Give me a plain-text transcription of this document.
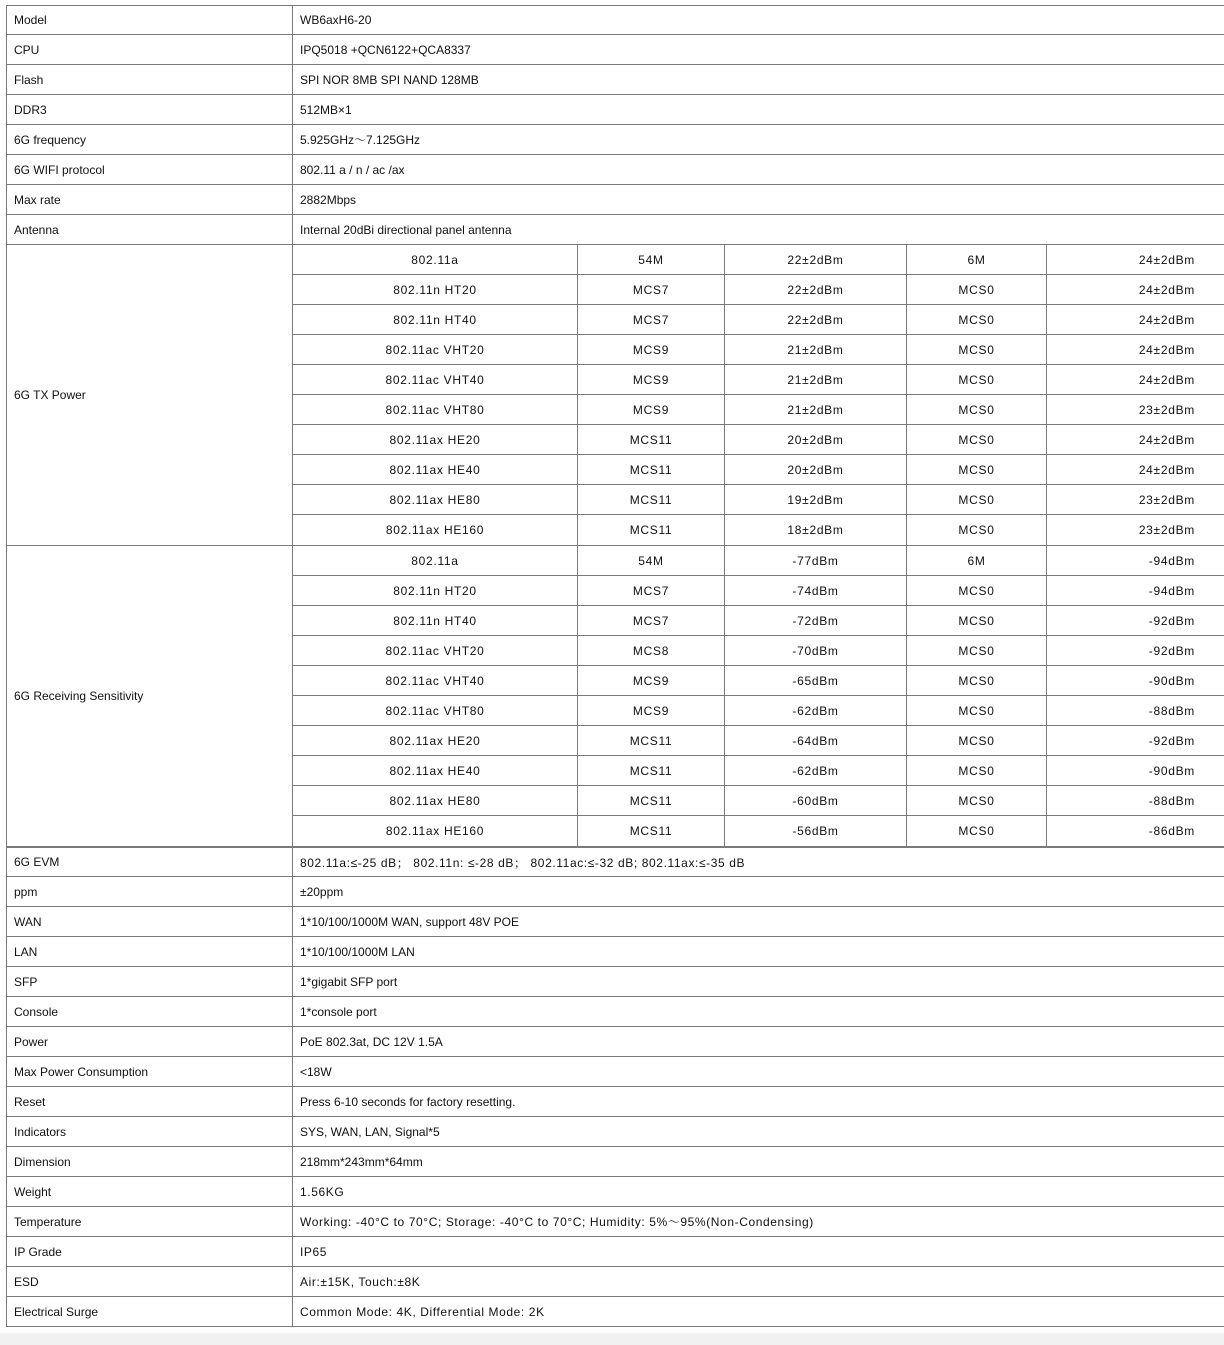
Model	WB6axH6-20
CPU	IPQ5018 +QCN6122+QCA8337
Flash	SPI NOR 8MB SPI NAND 128MB
DDR3	512MB×1
6G frequency	5.925GHz～7.125GHz
6G WIFI protocol	802.11 a / n / ac /ax
Max rate	2882Mbps
Antenna	Internal 20dBi directional panel antenna
6G TX Power
802.11a	54M	22±2dBm	6M	24±2dBm
802.11n HT20	MCS7	22±2dBm	MCS0	24±2dBm
802.11n HT40	MCS7	22±2dBm	MCS0	24±2dBm
802.11ac VHT20	MCS9	21±2dBm	MCS0	24±2dBm
802.11ac VHT40	MCS9	21±2dBm	MCS0	24±2dBm
802.11ac VHT80	MCS9	21±2dBm	MCS0	23±2dBm
802.11ax HE20	MCS11	20±2dBm	MCS0	24±2dBm
802.11ax HE40	MCS11	20±2dBm	MCS0	24±2dBm
802.11ax HE80	MCS11	19±2dBm	MCS0	23±2dBm
802.11ax HE160	MCS11	18±2dBm	MCS0	23±2dBm
6G Receiving Sensitivity
802.11a	54M	-77dBm	6M	-94dBm
802.11n HT20	MCS7	-74dBm	MCS0	-94dBm
802.11n HT40	MCS7	-72dBm	MCS0	-92dBm
802.11ac VHT20	MCS8	-70dBm	MCS0	-92dBm
802.11ac VHT40	MCS9	-65dBm	MCS0	-90dBm
802.11ac VHT80	MCS9	-62dBm	MCS0	-88dBm
802.11ax HE20	MCS11	-64dBm	MCS0	-92dBm
802.11ax HE40	MCS11	-62dBm	MCS0	-90dBm
802.11ax HE80	MCS11	-60dBm	MCS0	-88dBm
802.11ax HE160	MCS11	-56dBm	MCS0	-86dBm
6G EVM	802.11a:≤-25 dB； 802.11n: ≤-28 dB； 802.11ac:≤-32 dB; 802.11ax:≤-35 dB
ppm	±20ppm
WAN	1*10/100/1000M WAN, support 48V POE
LAN	1*10/100/1000M LAN
SFP	1*gigabit SFP port
Console	1*console port
Power	PoE 802.3at, DC 12V 1.5A
Max Power Consumption	<18W
Reset	Press 6-10 seconds for factory resetting.
Indicators	SYS, WAN, LAN, Signal*5
Dimension	218mm*243mm*64mm
Weight	1.56KG
Temperature	Working: -40°C to 70°C; Storage: -40°C to 70°C; Humidity: 5%～95%(Non-Condensing)
IP Grade	IP65
ESD	Air:±15K, Touch:±8K
Electrical Surge	Common Mode: 4K, Differential Mode: 2K
